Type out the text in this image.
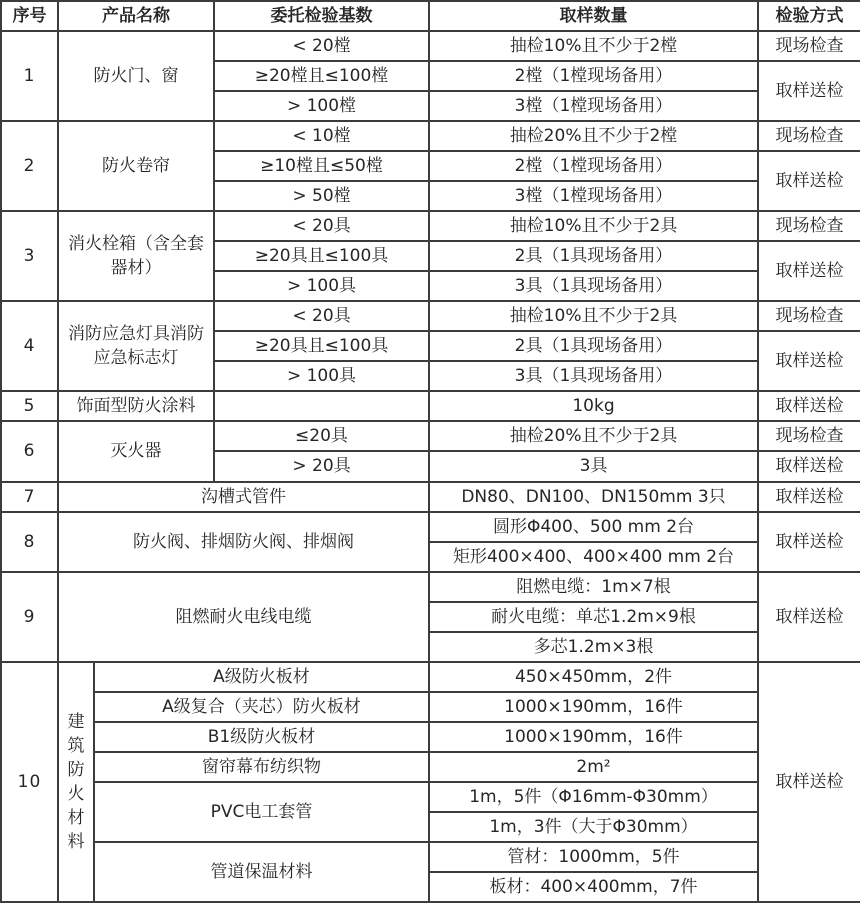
序号	产品名称		委托检验基数	取样数量	检验方式
1	防火门、窗		< 20樘	抽检10%且不少于2樘	现场检查
			≥20樘且≤100樘	2樘（1樘现场备用）	取样送检
			> 100樘	3樘（1樘现场备用）	
2	防火卷帘		< 10樘	抽检20%且不少于2樘	现场检查
			≥10樘且≤50樘	2樘（1樘现场备用）	取样送检
			> 50樘	3樘（1樘现场备用）	
3	消火栓箱（含全套器材）		< 20具	抽检10%且不少于2具	现场检查
			≥20具且≤100具	2具（1具现场备用）	取样送检
			> 100具	3具（1具现场备用）	
4	消防应急灯具消防应急标志灯		< 20具	抽检10%且不少于2具	现场检查
			≥20具且≤100具	2具（1具现场备用）	取样送检
			> 100具	3具（1具现场备用）	
5	饰面型防火涂料			10kg	取样送检
6	灭火器		≤20具	抽检20%且不少于2具	现场检查
			> 20具	3具	取样送检
7	沟槽式管件			DN80、DN100、DN150mm 3只	取样送检
8	防火阀、排烟防火阀、排烟阀			圆形Φ400、500 mm 2台	取样送检
				矩形400×400、400×400 mm 2台	
9	阻燃耐火电线电缆			阻燃电缆：1m×7根	取样送检
				耐火电缆：单芯1.2m×9根	
				多芯1.2m×3根	
10	建筑防火材料	A级防火板材		450×450mm，2件	取样送检
		A级复合（夹芯）防火板材		1000×190mm，16件	
		B1级防火板材		1000×190mm，16件	
		窗帘幕布纺织物		2m²	
		PVC电工套管		1m，5件（Φ16mm-Φ30mm）	
				1m，3件（大于Φ30mm）	
		管道保温材料		管材：1000mm，5件	
				板材：400×400mm，7件	
